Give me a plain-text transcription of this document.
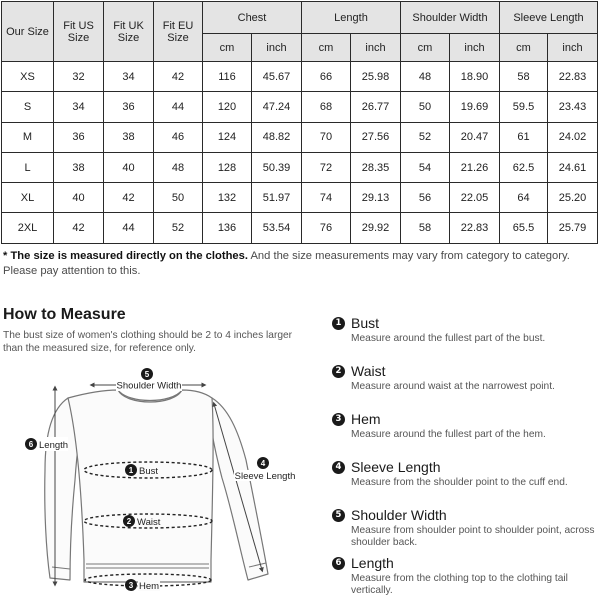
Our Size	Fit US Size	Fit UK Size	Fit EU Size	Chest		Length		Shoulder Width		Sleeve Length	
				cm	inch	cm	inch	cm	inch	cm	inch
XS	32	34	42	116	45.67	66	25.98	48	18.90	58	22.83
S	34	36	44	120	47.24	68	26.77	50	19.69	59.5	23.43
M	36	38	46	124	48.82	70	27.56	52	20.47	61	24.02
L	38	40	48	128	50.39	72	28.35	54	21.26	62.5	24.61
XL	40	42	50	132	51.97	74	29.13	56	22.05	64	25.20
2XL	42	44	52	136	53.54	76	29.92	58	22.83	65.5	25.79
* The size is measured directly on the clothes. And the size measurements may vary from category to category. Please pay attention to this.
How to Measure
The bust size of women's clothing should be 2 to 4 inches larger than the measured size, for reference only.
5
Shoulder Width
6 Length
1 Bust
2 Waist
4
Sleeve Length
3 Hem
1 Bust
Measure around the fullest part of the bust.
2 Waist
Measure around waist at the narrowest point.
3 Hem
Measure around the fullest part of the hem.
4 Sleeve Length
Measure from the shoulder point to the cuff end.
5 Shoulder Width
Measure from shoulder point to shoulder point, across shoulder back.
6 Length
Measure from the clothing top to the clothing tail vertically.
